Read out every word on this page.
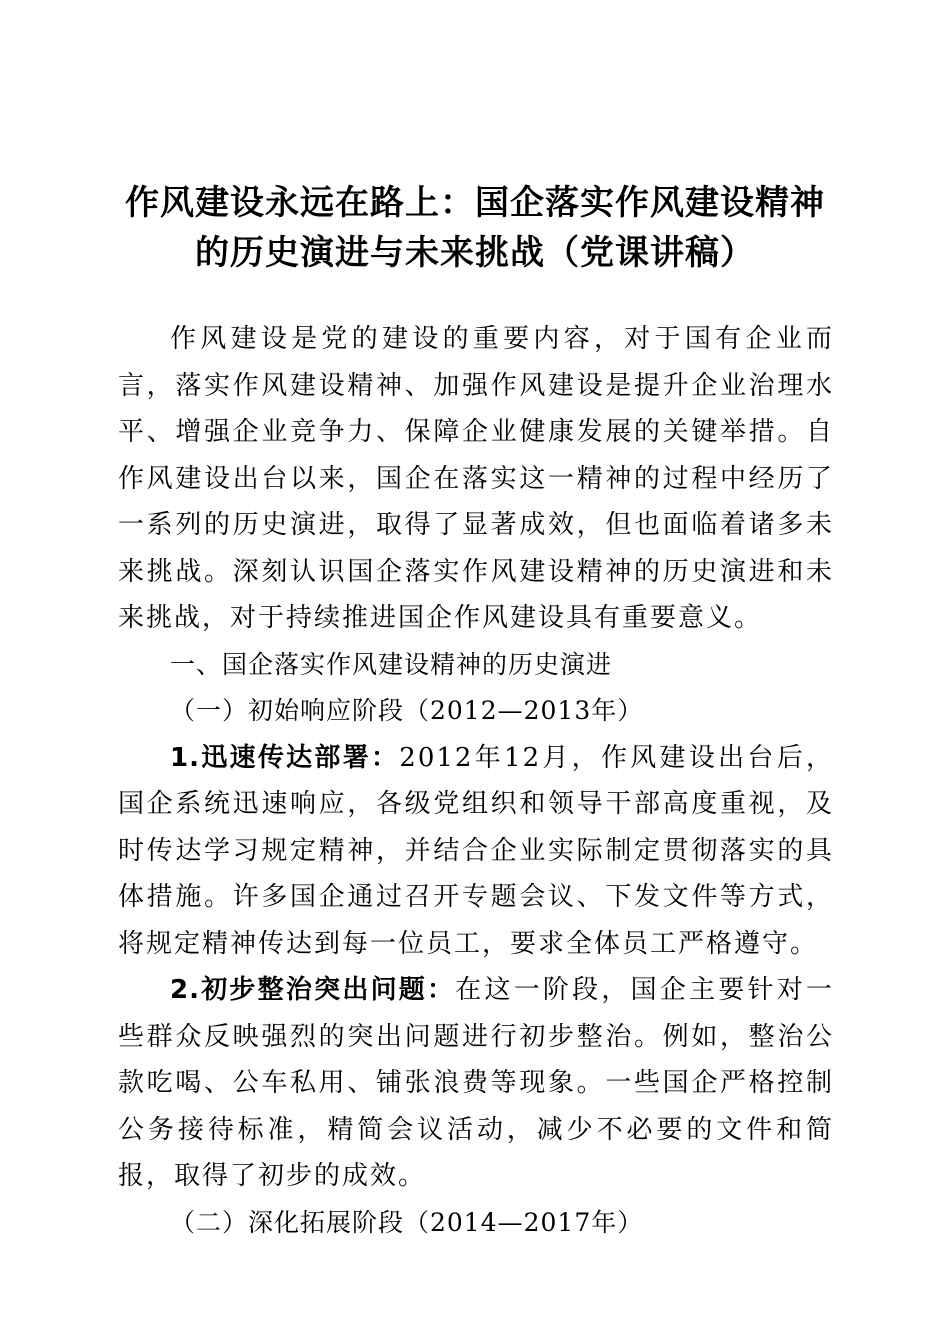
作风建设永远在路上：国企落实作风建设精神
的历史演进与未来挑战（党课讲稿）

作风建设是党的建设的重要内容，对于国有企业而言，落实作风建设精神、加强作风建设是提升企业治理水平、增强企业竞争力、保障企业健康发展的关键举措。自作风建设出台以来，国企在落实这一精神的过程中经历了一系列的历史演进，取得了显著成效，但也面临着诸多未来挑战。深刻认识国企落实作风建设精神的历史演进和未来挑战，对于持续推进国企作风建设具有重要意义。

一、国企落实作风建设精神的历史演进

（一）初始响应阶段（2012—2013年）

1.迅速传达部署：2012年12月，作风建设出台后，国企系统迅速响应，各级党组织和领导干部高度重视，及时传达学习规定精神，并结合企业实际制定贯彻落实的具体措施。许多国企通过召开专题会议、下发文件等方式，将规定精神传达到每一位员工，要求全体员工严格遵守。

2.初步整治突出问题：在这一阶段，国企主要针对一些群众反映强烈的突出问题进行初步整治。例如，整治公款吃喝、公车私用、铺张浪费等现象。一些国企严格控制公务接待标准，精简会议活动，减少不必要的文件和简报，取得了初步的成效。

（二）深化拓展阶段（2014—2017年）
